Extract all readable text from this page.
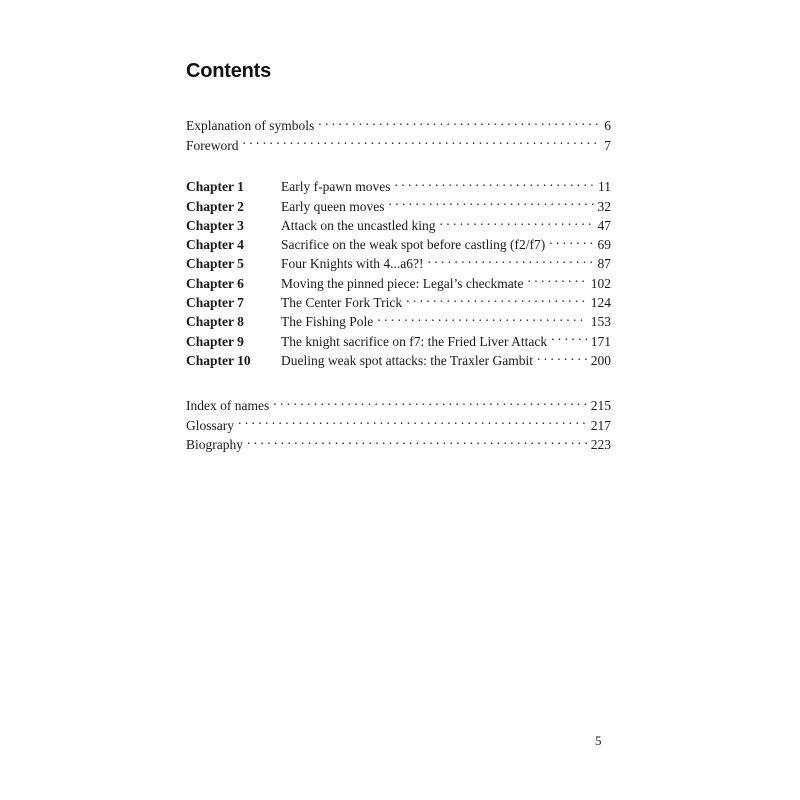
Contents
Explanation of symbols . . .	6
Foreword . . .	7
Chapter 1	Early f-pawn moves . . .	11
Chapter 2	Early queen moves . . .	32
Chapter 3	Attack on the uncastled king . . .	47
Chapter 4	Sacrifice on the weak spot before castling (f2/f7) . . .	69
Chapter 5	Four Knights with 4...a6?! . . .	87
Chapter 6	Moving the pinned piece: Legal’s checkmate . . .	102
Chapter 7	The Center Fork Trick . . .	124
Chapter 8	The Fishing Pole . . .	153
Chapter 9	The knight sacrifice on f7: the Fried Liver Attack . . .	171
Chapter 10	Dueling weak spot attacks: the Traxler Gambit . . .	200
Index of names . . .	215
Glossary . . .	217
Biography . . .	223
5
